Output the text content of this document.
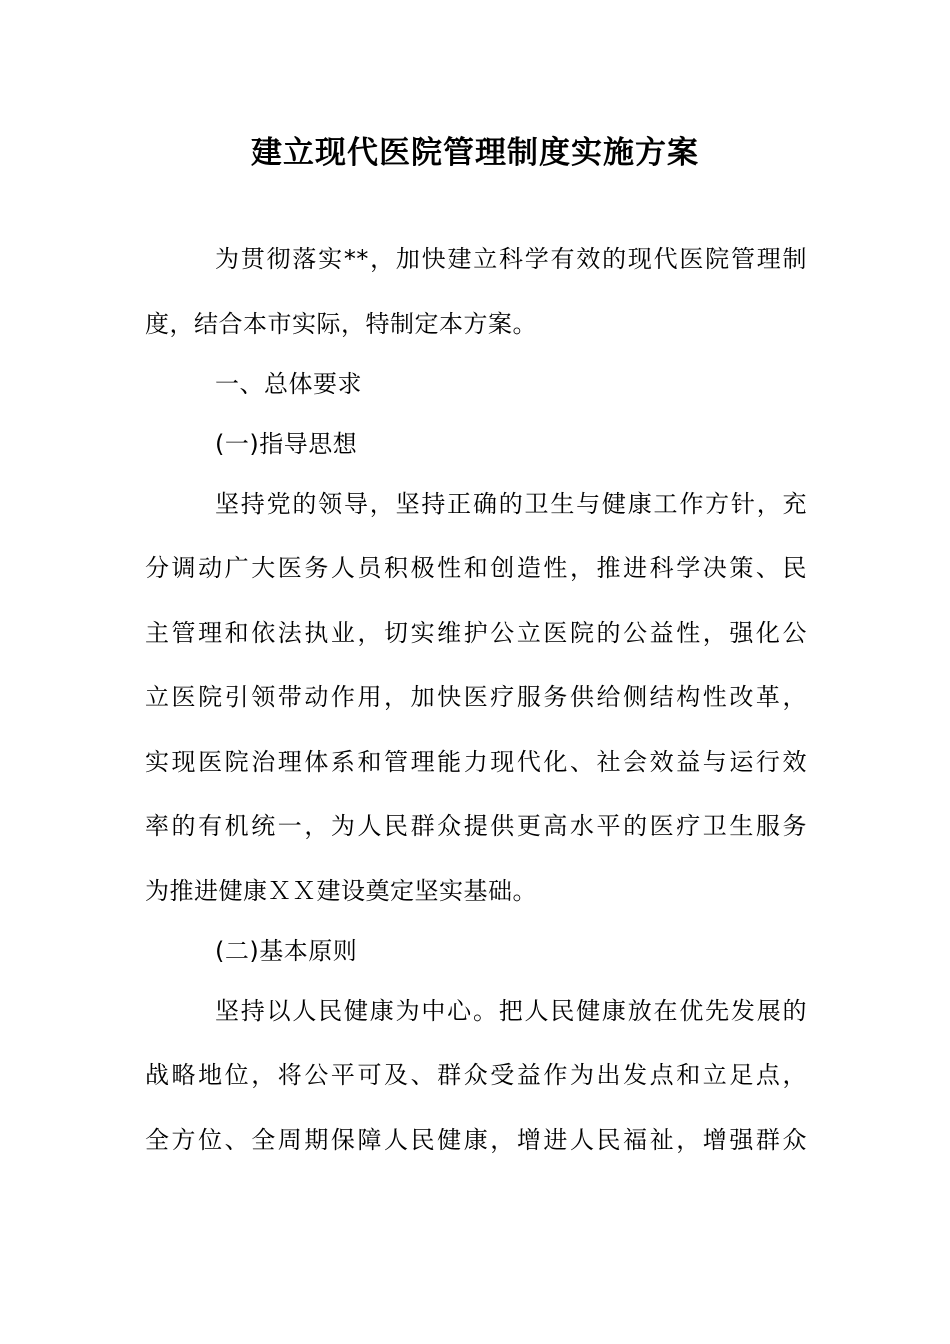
建立现代医院管理制度实施方案
为贯彻落实**，加快建立科学有效的现代医院管理制
度，结合本市实际，特制定本方案。
一、总体要求
(一)指导思想
坚持党的领导，坚持正确的卫生与健康工作方针，充
分调动广大医务人员积极性和创造性，推进科学决策、民
主管理和依法执业，切实维护公立医院的公益性，强化公
立医院引领带动作用，加快医疗服务供给侧结构性改革，
实现医院治理体系和管理能力现代化、社会效益与运行效
率的有机统一，为人民群众提供更高水平的医疗卫生服务
为推进健康ＸＸ建设奠定坚实基础。
(二)基本原则
坚持以人民健康为中心。把人民健康放在优先发展的
战略地位，将公平可及、群众受益作为出发点和立足点，
全方位、全周期保障人民健康，增进人民福祉，增强群众
